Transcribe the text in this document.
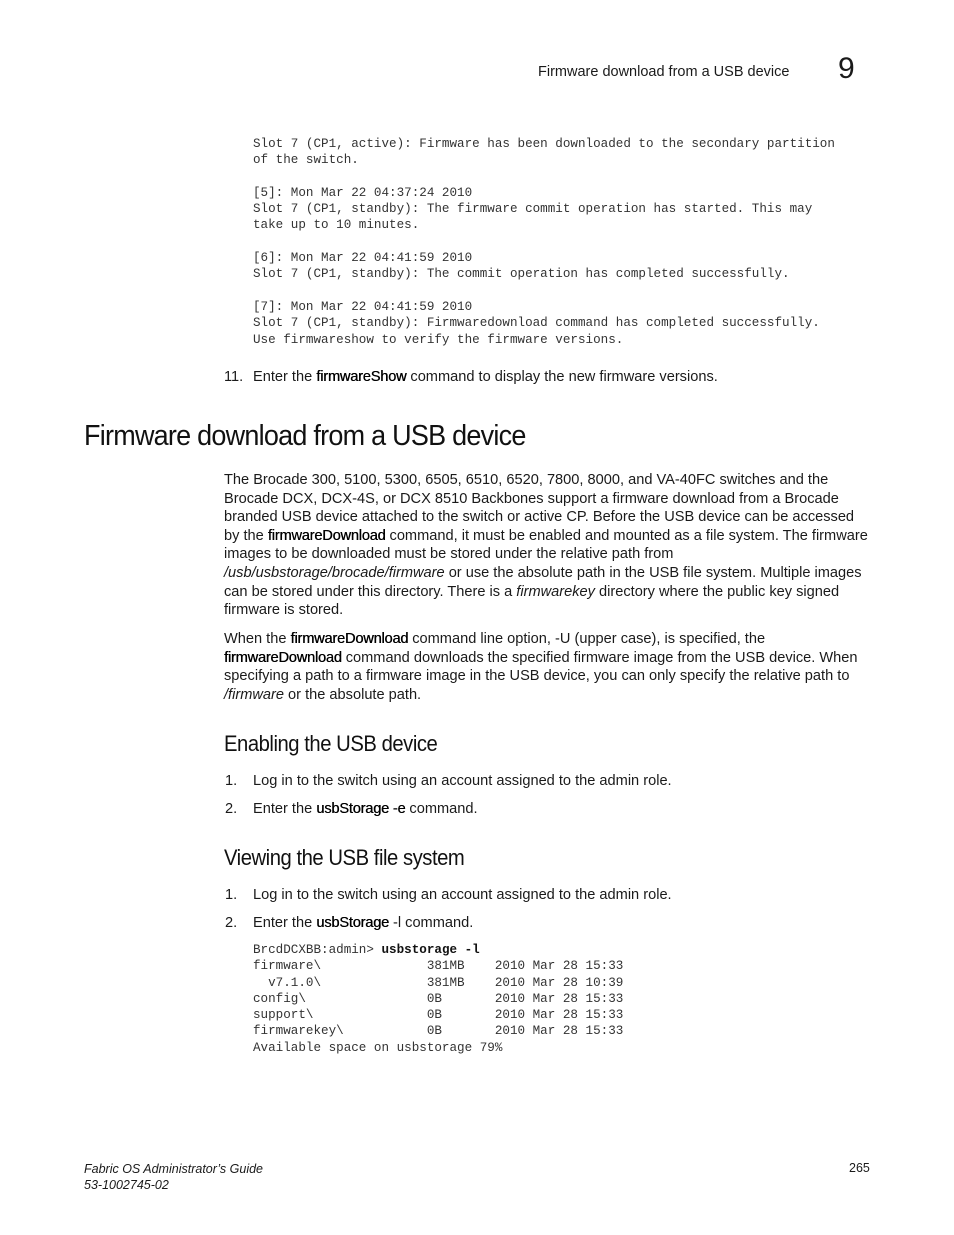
Firmware download from a USB device 9
Slot 7 (CP1, active): Firmware has been downloaded to the secondary partition
of the switch.

[5]: Mon Mar 22 04:37:24 2010
Slot 7 (CP1, standby): The firmware commit operation has started. This may
take up to 10 minutes.

[6]: Mon Mar 22 04:41:59 2010
Slot 7 (CP1, standby): The commit operation has completed successfully.

[7]: Mon Mar 22 04:41:59 2010
Slot 7 (CP1, standby): Firmwaredownload command has completed successfully.
Use firmwareshow to verify the firmware versions.
11. Enter the firmwareShow command to display the new firmware versions.
Firmware download from a USB device

The Brocade 300, 5100, 5300, 6505, 6510, 6520, 7800, 8000, and VA-40FC switches and the Brocade DCX, DCX-4S, or DCX 8510 Backbones support a firmware download from a Brocade branded USB device attached to the switch or active CP. Before the USB device can be accessed by the firmwareDownload command, it must be enabled and mounted as a file system. The firmware images to be downloaded must be stored under the relative path from /usb/usbstorage/brocade/firmware or use the absolute path in the USB file system. Multiple images can be stored under this directory. There is a firmwarekey directory where the public key signed firmware is stored.

When the firmwareDownload command line option, -U (upper case), is specified, the firmwareDownload command downloads the specified firmware image from the USB device. When specifying a path to a firmware image in the USB device, you can only specify the relative path to /firmware or the absolute path.

Enabling the USB device
1. Log in to the switch using an account assigned to the admin role.
2. Enter the usbStorage -e command.
Viewing the USB file system
1. Log in to the switch using an account assigned to the admin role.
2. Enter the usbStorage -l command.
BrcdDCXBB:admin> usbstorage -l
firmware\              381MB    2010 Mar 28 15:33
v7.1.0\              381MB    2010 Mar 28 10:39
config\                0B       2010 Mar 28 15:33
support\               0B       2010 Mar 28 15:33
firmwarekey\           0B       2010 Mar 28 15:33
Available space on usbstorage 79%
Fabric OS Administrator’s Guide
53-1002745-02
265
